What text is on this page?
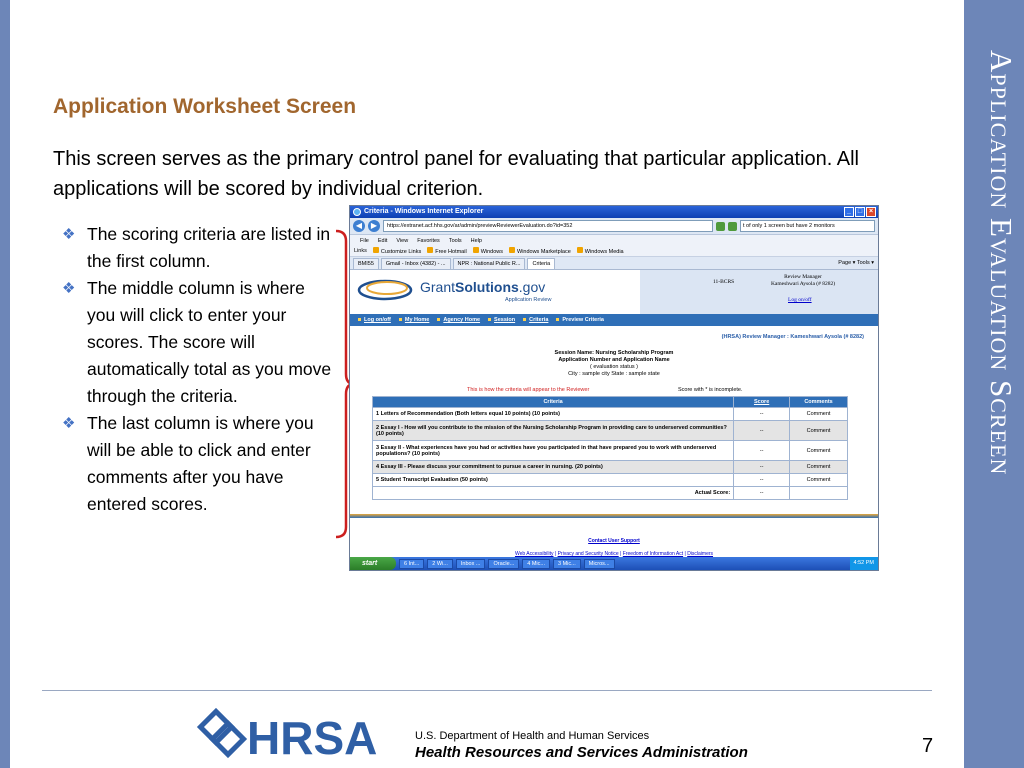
Application Evaluation Screen
Application Worksheet Screen
This screen serves as the primary control panel for evaluating that particular application. All applications will be scored by individual criterion.
❖ The scoring criteria are listed in the first column.
❖ The middle column is where you will click to enter your scores. The score will automatically total as you move through the criteria.
❖ The last column is where you will be able to click and enter comments after you have entered scores.
Criteria - Windows Internet Explorer	_ □ ×
◀	▶	https://extranet.acf.hhs.gov/ar/admin/previewReviewerEvaluation.do?id=352	t of only 1 screen but have 2 monitors
File Edit View Favorites Tools Help
Links	Customize Links	Free Hotmail	Windows	Windows Marketplace	Windows Media
BMI55	Gmail - Inbox (4382) - ...	NPR : National Public R...	Criteria	Page ▾ Tools ▾
GrantSolutions.gov
Application Review
11-BCRS
Review Manager
Kameshwari Aysola (# 8282)
Log on/off
Log on/off	My Home	Agency Home	Session	Criteria	Preview Criteria
(HRSA) Review Manager : Kameshwari Aysola (# 8282)
Session Name: Nursing Scholarship Program
Application Number and Application Name
( evaluation status )
City : sample city State : sample state
This is how the criteria will appear to the Reviewer	Score with * is incomplete.
Criteria	Score	Comments
1 Letters of Recommendation (Both letters equal 10 points) (10 points)	--	Comment
2 Essay I - How will you contribute to the mission of the Nursing Scholarship Program in providing care to underserved communities? (10 points)	--	Comment
3 Essay II - What experiences have you had or activities have you participated in that have prepared you to work with underserved populations? (10 points)	--	Comment
4 Essay III - Please discuss your commitment to pursue a career in nursing. (20 points)	--	Comment
5 Student Transcript Evaluation (50 points)	--	Comment
Actual Score:	--	
Contact User Support
Web Accessibility | Privacy and Security Notice | Freedom of Information Act | Disclaimers
start	6 Int...	2 Wi...	Inbox ...	Oracle...	4 Mic...	3 Mic...	Micros...	4:52 PM
HRSA	U.S. Department of Health and Human Services
Health Resources and Services Administration	7
